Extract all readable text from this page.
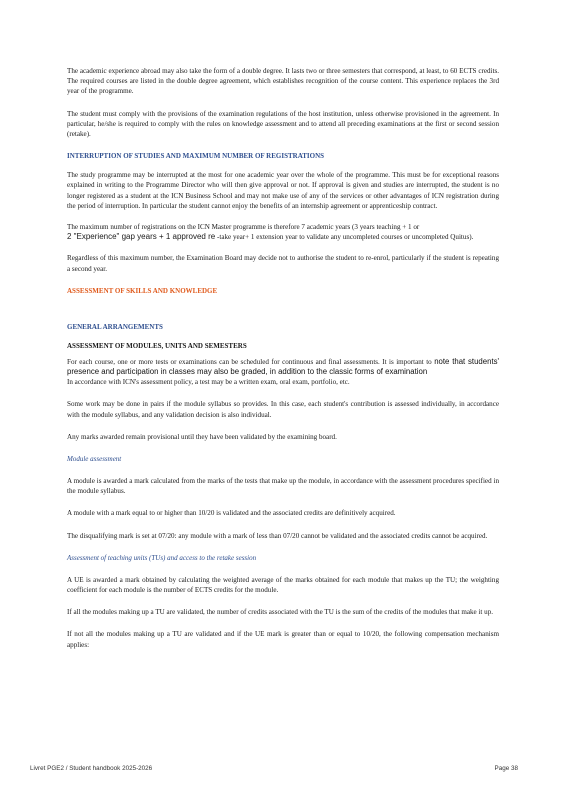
The academic experience abroad may also take the form of a double degree. It lasts two or three semesters that correspond, at least, to 60 ECTS credits. The required courses are listed in the double degree agreement, which establishes recognition of the course content. This experience replaces the 3rd year of the programme.

The student must comply with the provisions of the examination regulations of the host institution, unless otherwise provisioned in the agreement. In particular, he/she is required to comply with the rules on knowledge assessment and to attend all preceding examinations at the first or second session (retake).

INTERRUPTION OF STUDIES AND MAXIMUM NUMBER OF REGISTRATIONS

The study programme may be interrupted at the most for one academic year over the whole of the programme. This must be for exceptional reasons explained in writing to the Programme Director who will then give approval or not. If approval is given and studies are interrupted, the student is no longer registered as a student at the ICN Business School and may not make use of any of the services or other advantages of ICN registration during the period of interruption. In particular the student cannot enjoy the benefits of an internship agreement or apprenticeship contract.

The maximum number of registrations on the ICN Master programme is therefore 7 academic years (3 years teaching + 1 or
2 "Experience" gap years + 1 approved re -take year+ 1 extension year to validate any uncompleted courses or uncompleted Quitus).

Regardless of this maximum number, the Examination Board may decide not to authorise the student to re-enrol, particularly if the student is repeating a second year.

ASSESSMENT OF SKILLS AND KNOWLEDGE
GENERAL ARRANGEMENTS
ASSESSMENT OF MODULES, UNITS AND SEMESTERS

For each course, one or more tests or examinations can be scheduled for continuous and final assessments. It is important to note that students' presence and participation in classes may also be graded, in addition to the classic forms of examination
In accordance with ICN's assessment policy, a test may be a written exam, oral exam, portfolio, etc.

Some work may be done in pairs if the module syllabus so provides. In this case, each student's contribution is assessed individually, in accordance with the module syllabus, and any validation decision is also individual.

Any marks awarded remain provisional until they have been validated by the examining board.

Module assessment

A module is awarded a mark calculated from the marks of the tests that make up the module, in accordance with the assessment procedures specified in the module syllabus.

A module with a mark equal to or higher than 10/20 is validated and the associated credits are definitively acquired.

The disqualifying mark is set at 07/20: any module with a mark of less than 07/20 cannot be validated and the associated credits cannot be acquired.

Assessment of teaching units (TUs) and access to the retake session

A UE is awarded a mark obtained by calculating the weighted average of the marks obtained for each module that makes up the TU; the weighting coefficient for each module is the number of ECTS credits for the module.

If all the modules making up a TU are validated, the number of credits associated with the TU is the sum of the credits of the modules that make it up.

If not all the modules making up a TU are validated and if the UE mark is greater than or equal to 10/20, the following compensation mechanism applies:

Livret PGE2 / Student handbook 2025-2026	Page 38
